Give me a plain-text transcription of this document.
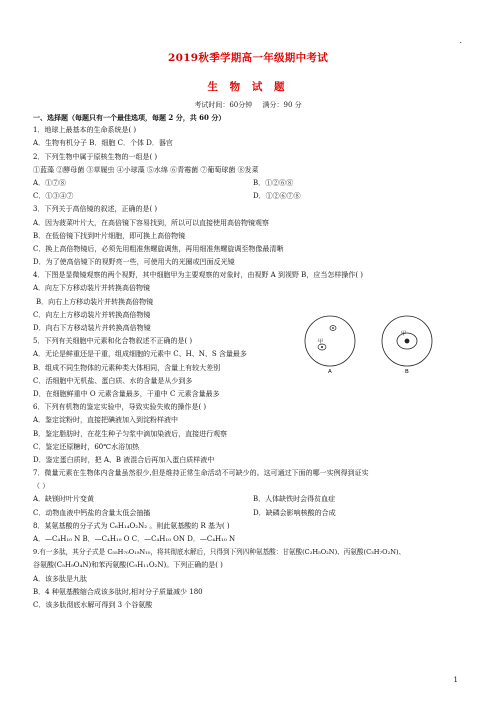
.
2019秋季学期高一年级期中考试
生 物 试 题
考试时间：60分钟 满分：90 分
一、选择题（每题只有一个最佳选项，每题 2 分，共 60 分）
1．地球上最基本的生命系统是( )
A．生物有机分子 B．细胞 C．个体 D．器官
2．下列生物中属于原核生物的一组是( )
①蓝藻 ②酵母菌 ③草履虫 ④小球藻 ⑤水绵 ⑥青霉菌 ⑦葡萄球菌 ⑧发菜
A．①⑦⑧	B．①②⑥⑧
C．①③④⑦	D．①②⑥⑦⑧
3．下列关于高倍镜的叙述，正确的是( )
A．因为菠菜叶片大，在高倍镜下容易找到，所以可以直接使用高倍物镜观察
B．在低倍镜下找到叶片细胞，即可换上高倍物镜
C．换上高倍物镜后，必须先用粗准焦螺旋调焦，再用细准焦螺旋调至物像最清晰
D．为了使高倍镜下的视野亮一些，可使用大的光圈或凹面反光镜
4．下图是显微镜观察的两个视野，其中细胞甲为主要观察的对象时，由视野 A 到视野 B，应当怎样操作( )
A．向左下方移动装片并转换高倍物镜
B．向右上方移动装片并转换高倍物镜
C．向左上方移动装片并转换高倍物镜
D．向右下方移动装片并转换高倍物镜
5．下列有关细胞中元素和化合物叙述不正确的是( )
A．无论是鲜重还是干重，组成细胞的元素中 C、H、N、S 含量最多
B．组成不同生物体的元素种类大体相同，含量上有较大差别
C．活细胞中无机盐、蛋白质、水的含量是从少到多
D．在细胞鲜重中 O 元素含量最多，干重中 C 元素含量最多
6．下列有机物的鉴定实验中，导致实验失败的操作是( )
A．鉴定淀粉时，直接把碘液加入到淀粉样液中
B．鉴定脂肪时，在花生种子匀浆中滴加染液后，直接进行观察
C．鉴定还原糖时，60℃水浴加热
D．鉴定蛋白质时，把 A、B 液混合后再加入蛋白质样液中
7．微量元素在生物体内含量虽然很少,但是维持正常生命活动不可缺少的。这可通过下面的哪一实例得到证实
（ ）
A．缺镁时叶片变黄	B．人体缺铁时会得贫血症
C．动物血液中钙盐的含量太低会抽搐	D．缺磷会影响核酸的合成
8．某氨基酸的分子式为 C₆H₁₄O₂N₂ 。则此氨基酸的 R 基为( )
A．—C₄H₁₀ N B．—C₄H₁₀ O C．—C₄H₁₀ ON D．—C₄H₁₀ N
9.有一多肽，其分子式是 C₅₅H₇₀O₁₉N₁₀，将其彻底水解后，只得到下列四种氨基酸：甘氨酸(C₂H₅O₂N)、丙氨酸(C₃H₇O₂N)、
谷氨酸(C₅H₉O₄N)和苯丙氨酸(C₉H₁₁O₂N)。下列正确的是( )
A．该多肽是九肽
B．4 种氨基酸缩合成该多肽时,相对分子质量减少 180
C．该多肽彻底水解可得到 3 个谷氨酸
甲
A
甲
B
1
